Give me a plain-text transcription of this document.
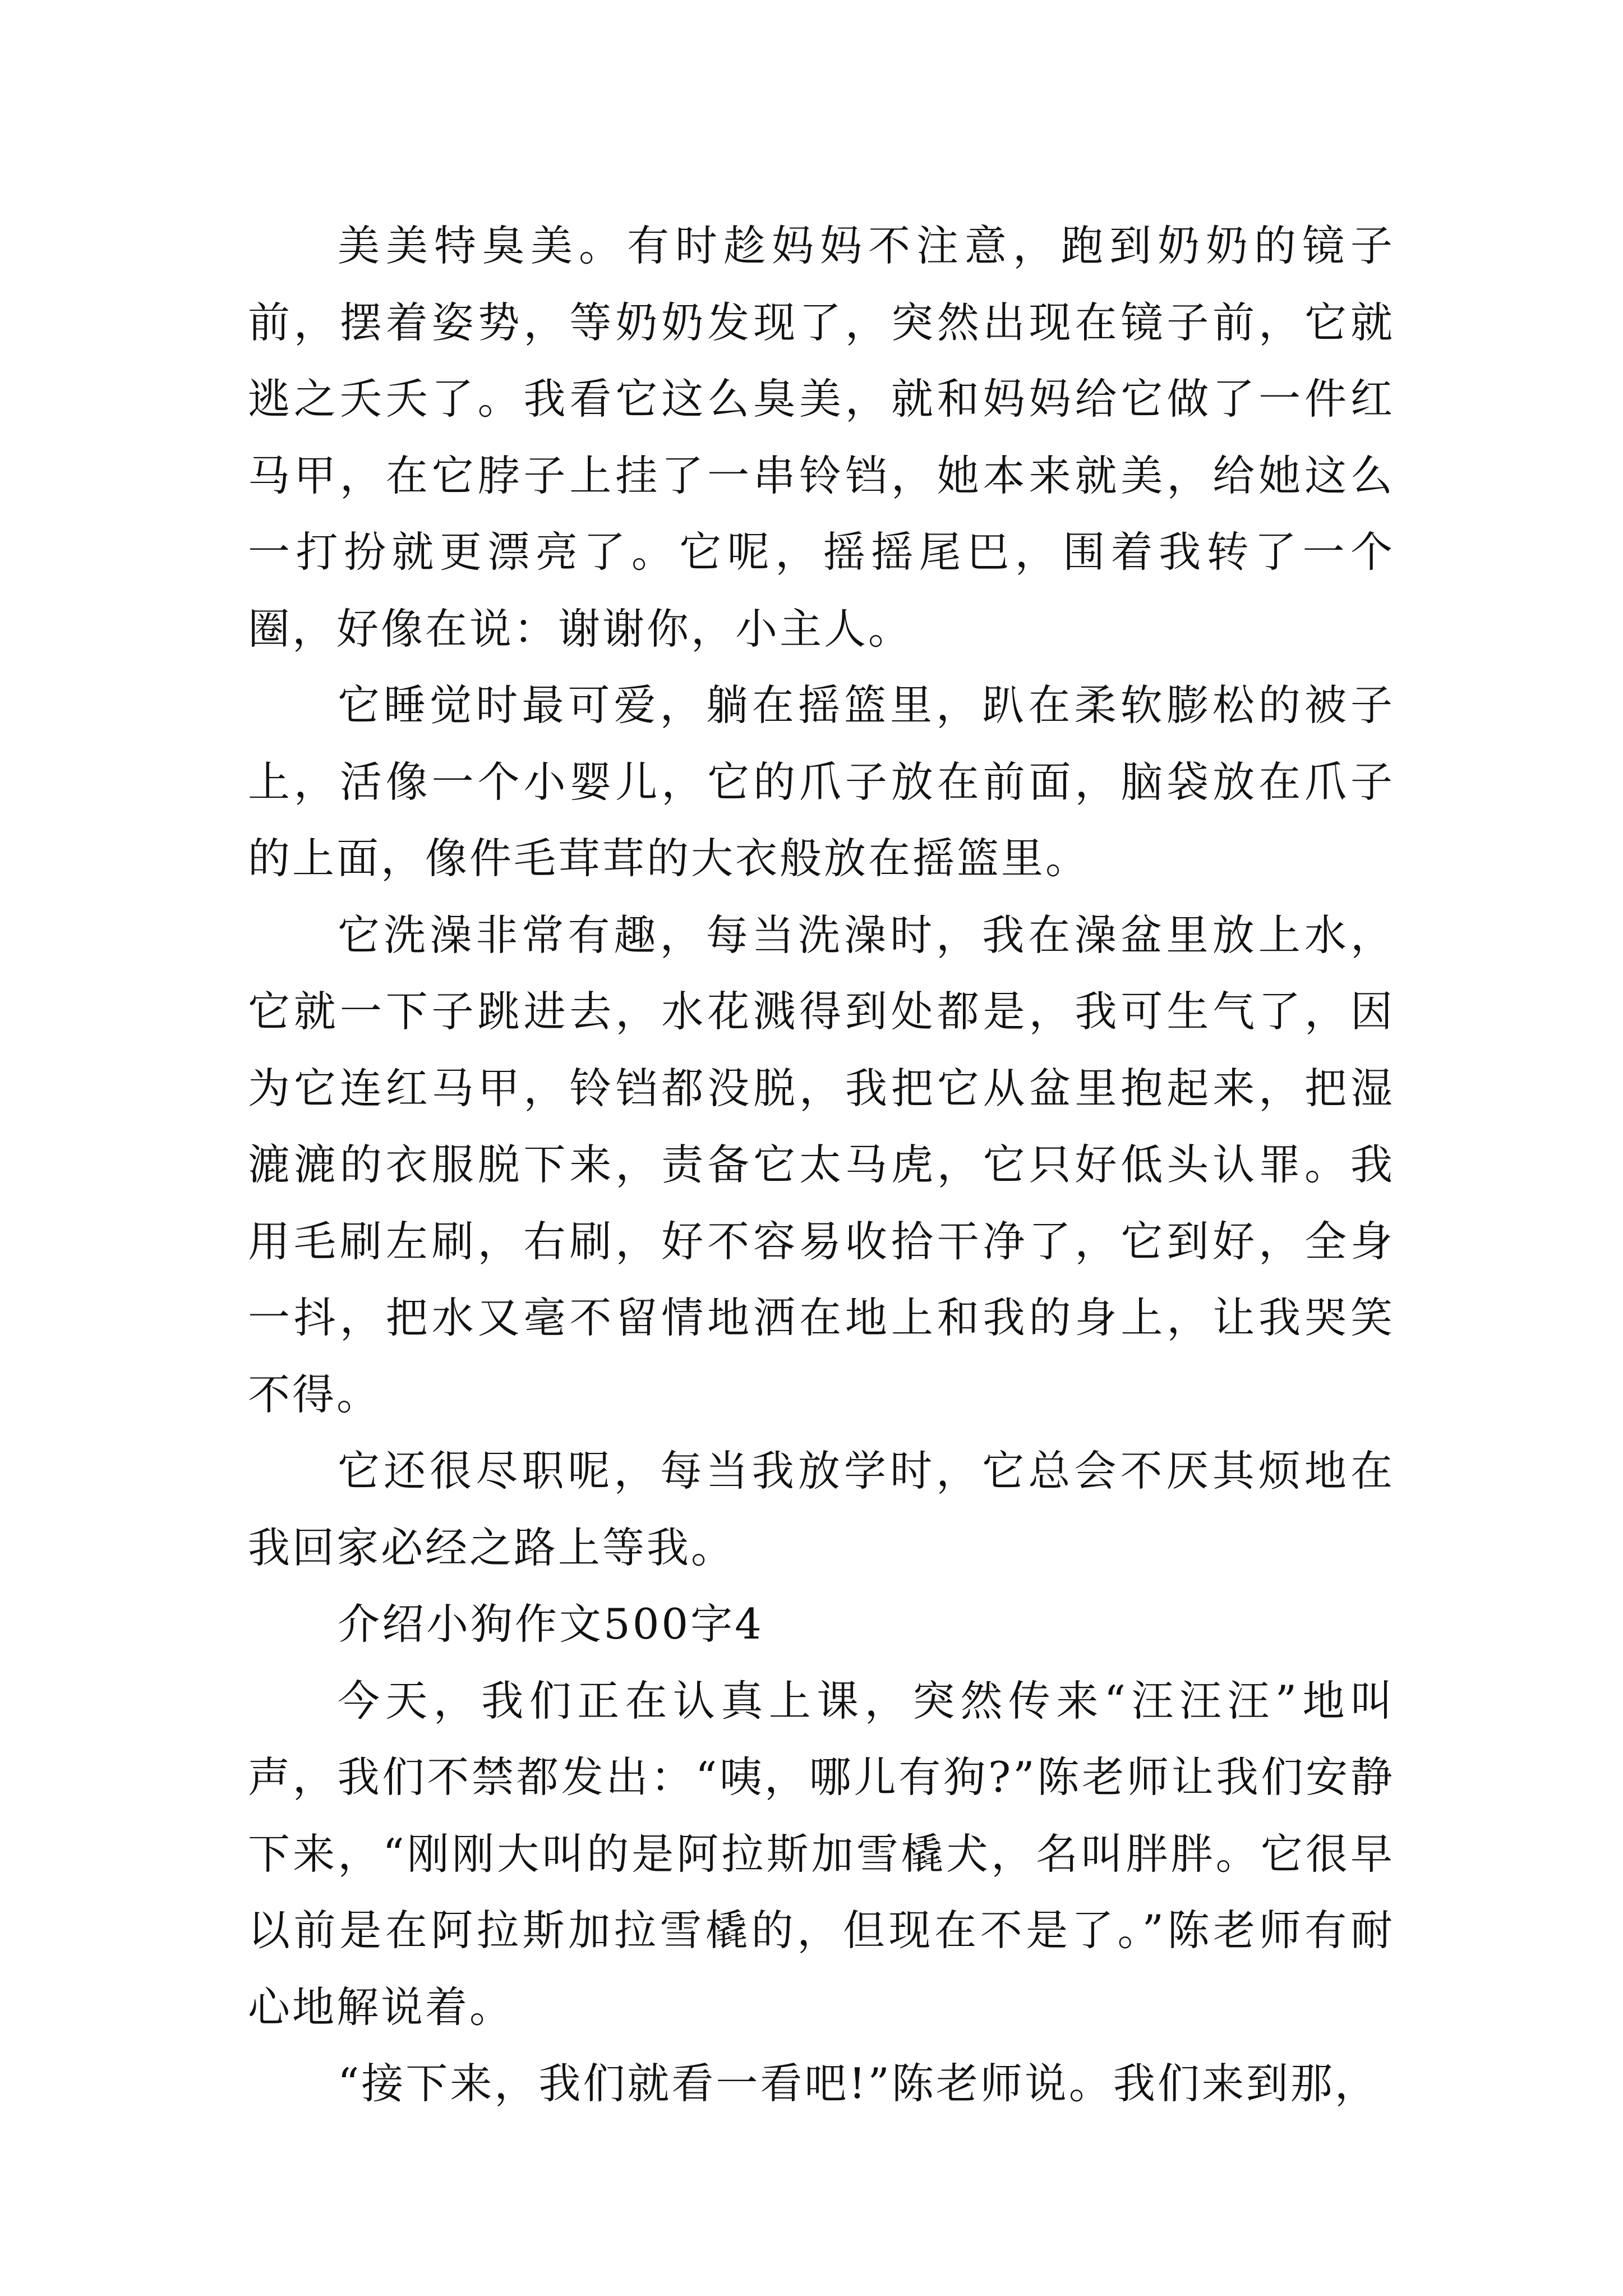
美美特臭美。有时趁妈妈不注意，跑到奶奶的镜子前，摆着姿势，等奶奶发现了，突然出现在镜子前，它就逃之夭夭了。我看它这么臭美，就和妈妈给它做了一件红马甲，在它脖子上挂了一串铃铛，她本来就美，给她这么一打扮就更漂亮了。它呢，摇摇尾巴，围着我转了一个圈，好像在说：谢谢你，小主人。

它睡觉时最可爱，躺在摇篮里，趴在柔软膨松的被子上，活像一个小婴儿，它的爪子放在前面，脑袋放在爪子的上面，像件毛茸茸的大衣般放在摇篮里。

它洗澡非常有趣，每当洗澡时，我在澡盆里放上水，它就一下子跳进去，水花溅得到处都是，我可生气了，因为它连红马甲，铃铛都没脱，我把它从盆里抱起来，把湿漉漉的衣服脱下来，责备它太马虎，它只好低头认罪。我用毛刷左刷，右刷，好不容易收拾干净了，它到好，全身一抖，把水又毫不留情地洒在地上和我的身上，让我哭笑不得。

它还很尽职呢，每当我放学时，它总会不厌其烦地在我回家必经之路上等我。

介绍小狗作文500字4

今天，我们正在认真上课，突然传来“汪汪汪”地叫声，我们不禁都发出：“咦，哪儿有狗?”陈老师让我们安静下来，“刚刚大叫的是阿拉斯加雪橇犬，名叫胖胖。它很早以前是在阿拉斯加拉雪橇的，但现在不是了。”陈老师有耐心地解说着。

“接下来，我们就看一看吧!”陈老师说。我们来到那，
